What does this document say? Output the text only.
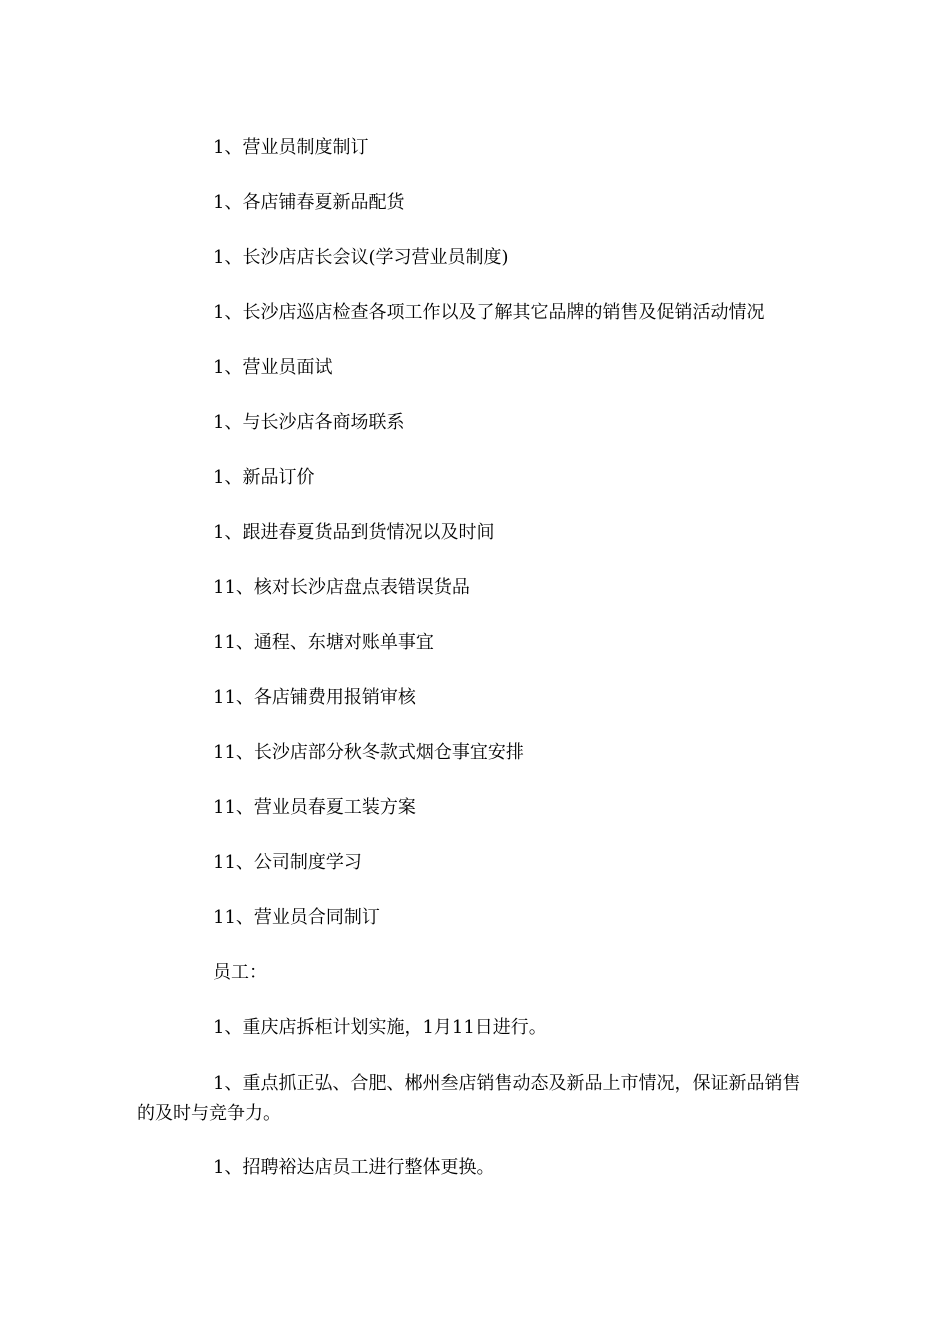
1、营业员制度制订
1、各店铺春夏新品配货
1、长沙店店长会议(学习营业员制度)
1、长沙店巡店检查各项工作以及了解其它品牌的销售及促销活动情况
1、营业员面试
1、与长沙店各商场联系
1、新品订价
1、跟进春夏货品到货情况以及时间
11、核对长沙店盘点表错误货品
11、通程、东塘对账单事宜
11、各店铺费用报销审核
11、长沙店部分秋冬款式烟仓事宜安排
11、营业员春夏工装方案
11、公司制度学习
11、营业员合同制订
员工：
1、重庆店拆柜计划实施，1月11日进行。
1、重点抓正弘、合肥、郴州叁店销售动态及新品上市情况，保证新品销售的及时与竞争力。
1、招聘裕达店员工进行整体更换。
